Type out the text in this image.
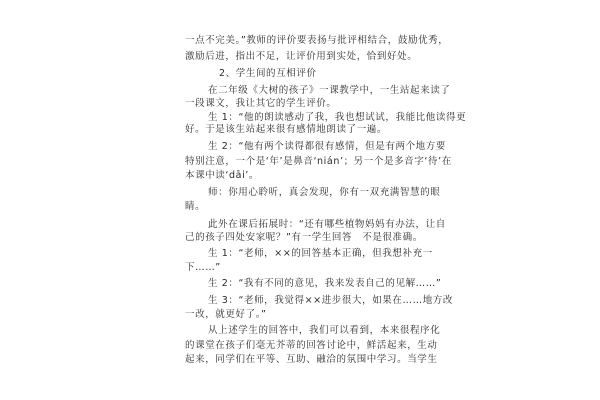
一点不完美。”教师的评价要表扬与批评相结合，鼓励优秀，
激励后进，指出不足，让评价用到实处，恰到好处。
2、学生间的互相评价
在二年级《大树的孩子》一课教学中，一生站起来读了
一段课文，我让其它的学生评价。
生 1：“他的朗读感动了我，我也想试试，我能比他读得更
好。于是该生站起来很有感情地朗读了一遍。
生 2：“他有两个读得都很有感情，但是有两个地方要
特别注意，一个是‘年’是鼻音‘nián’；另一个是多音字‘待’在
本课中读‘dāi’。
师：你用心聆听，真会发现，你有一双充满智慧的眼
睛。
此外在课后拓展时：“还有哪些植物妈妈有办法，让自
己的孩子四处安家呢？”有一学生回答　不是很准确。
生 1：“老师，××的回答基本正确，但我想补充一
下……”
生 2：“我有不同的意见，我来发表自己的见解……”
生 3：“老师，我觉得××进步很大，如果在……地方改
一改，就更好了。”
从上述学生的回答中，我们可以看到，本来很程序化
的课堂在孩子们毫无芥蒂的回答讨论中，鲜活起来，生动
起来，同学们在平等、互助、融洽的氛围中学习。当学生
